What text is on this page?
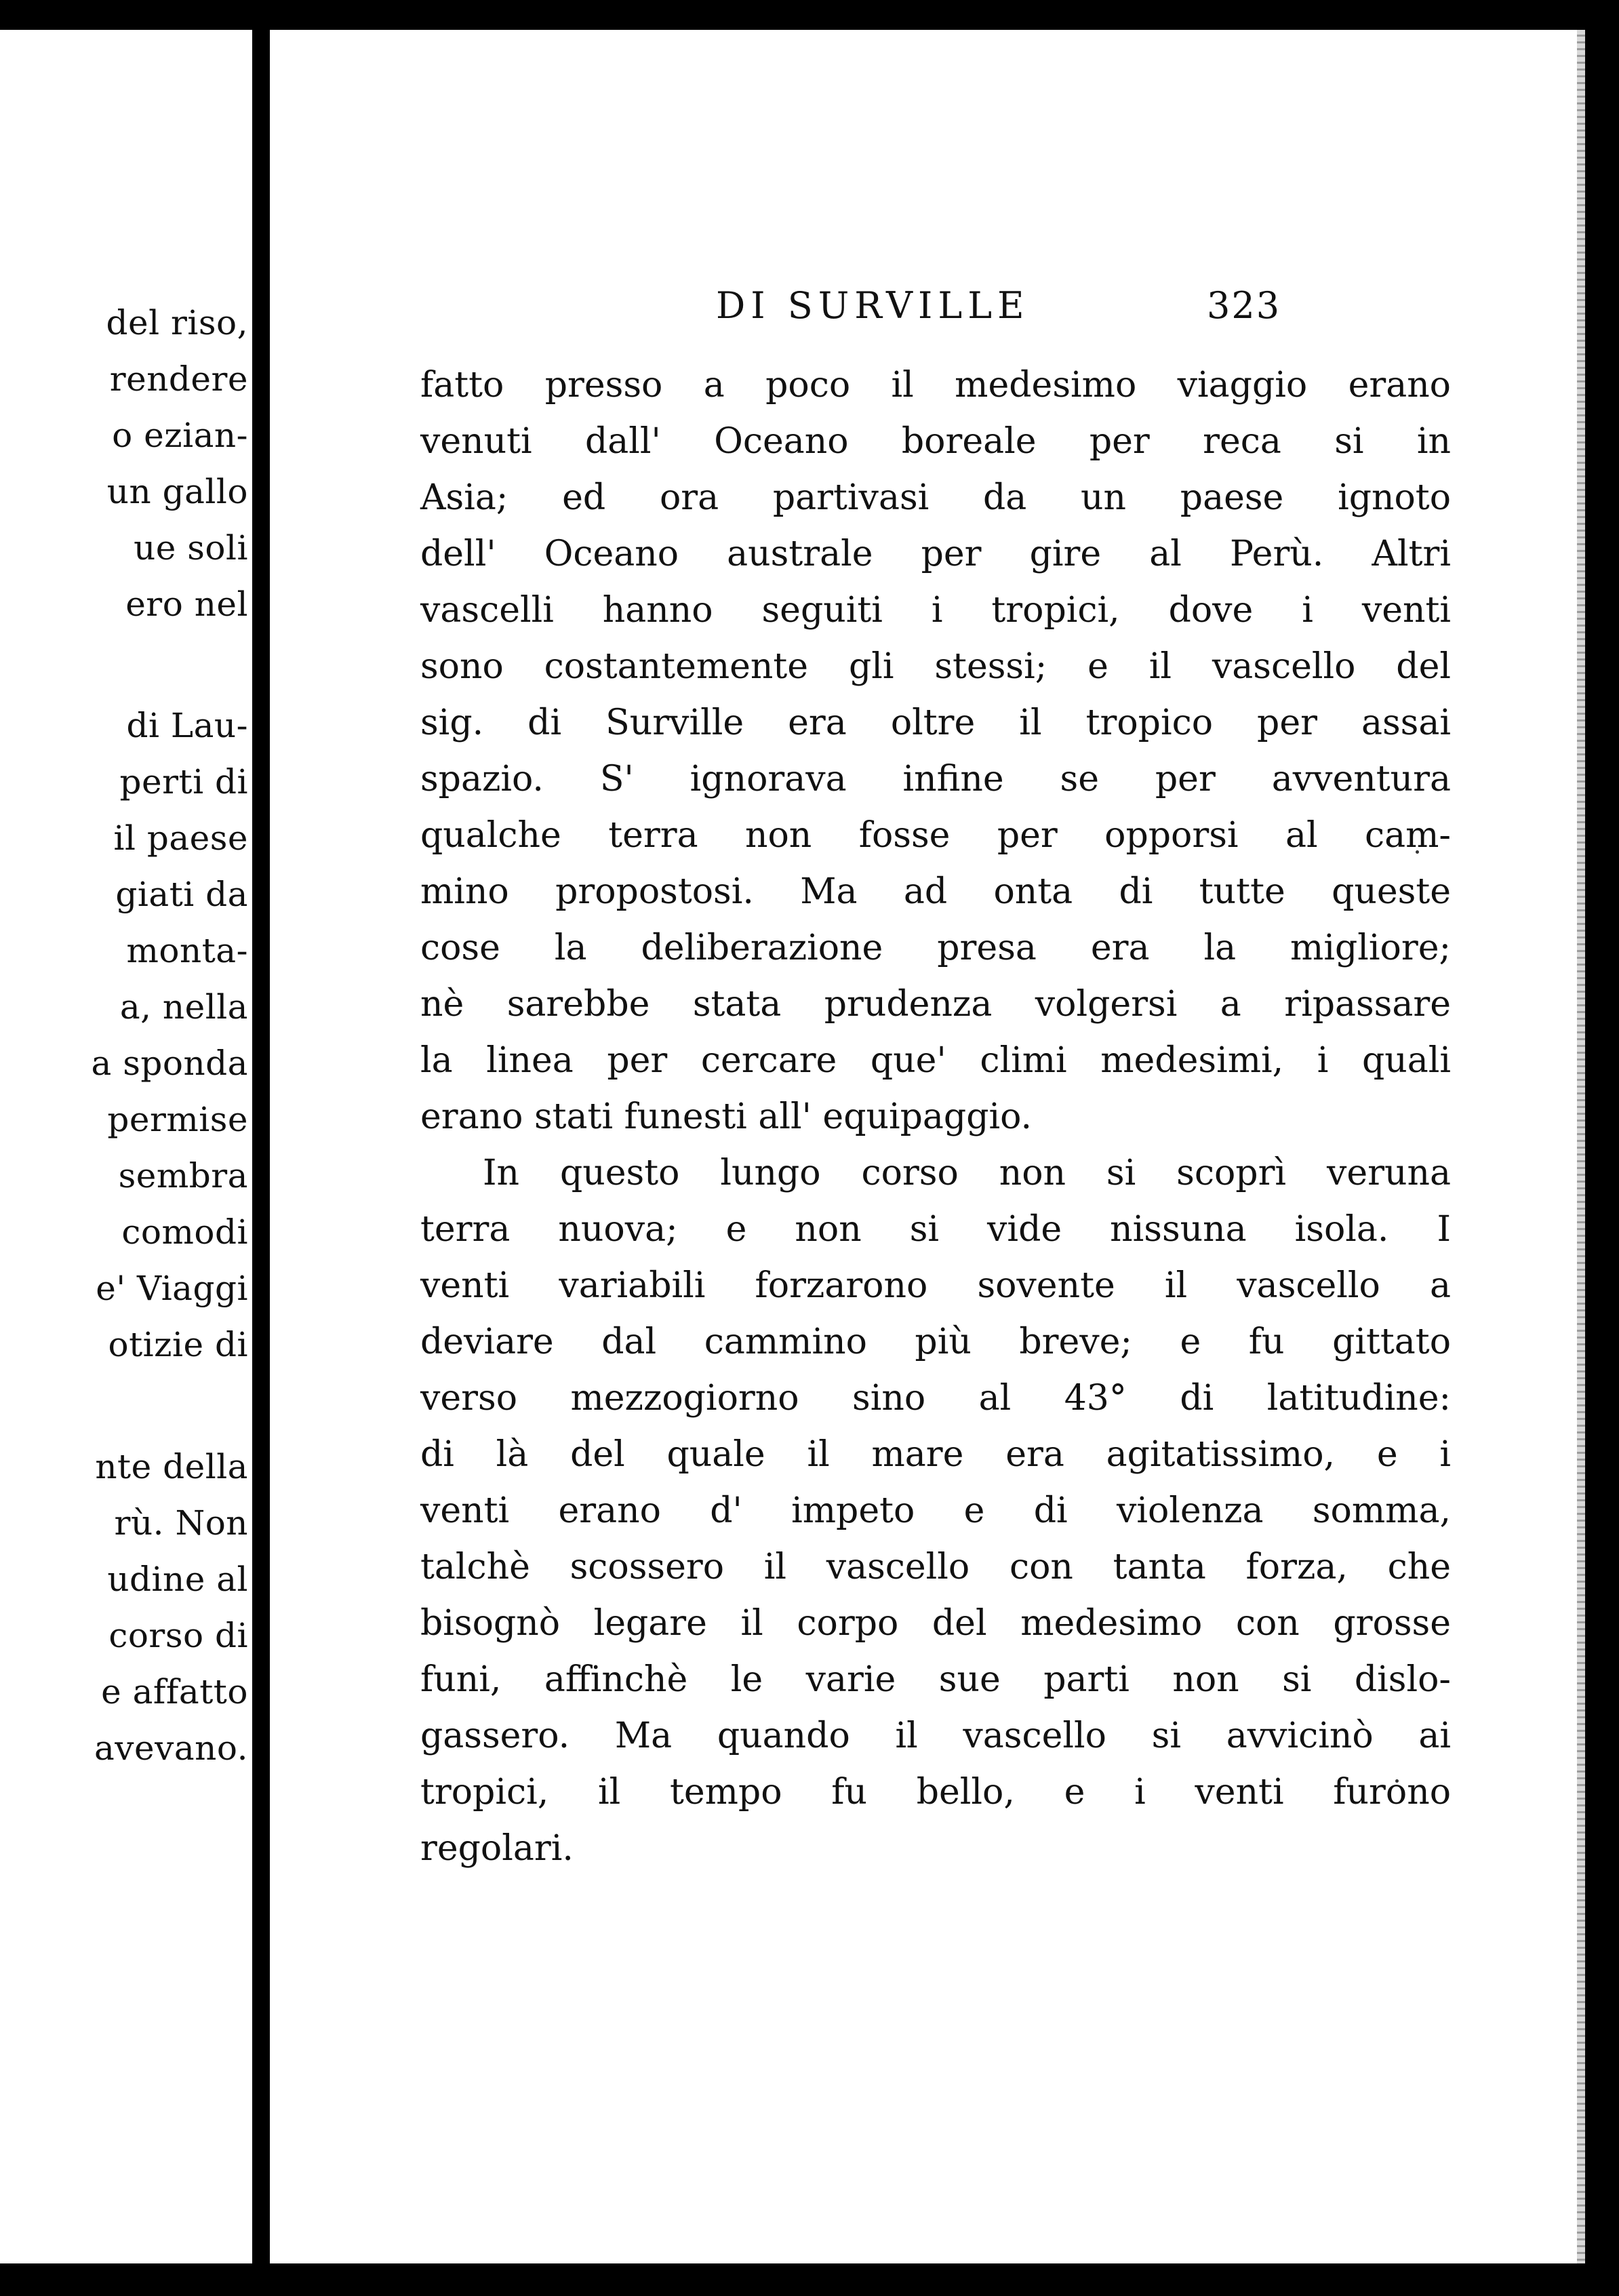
del riso,
rendere
o ezian-
un gallo
ue soli
ero nel
di Lau-
perti di
il paese
giati da
monta-
a, nella
a sponda
permise
sembra
comodi
e' Viaggi
otizie di
nte della
rù. Non
udine al
corso di
e affatto
avevano.
DI SURVILLE	323
fatto presso a poco il medesimo viaggio erano
venuti dall' Oceano boreale per reca si in
Asia; ed ora partivasi da un paese ignoto
dell' Oceano australe per gire al Perù. Altri
vascelli hanno seguiti i tropici, dove i venti
sono costantemente gli stessi; e il vascello del
sig. di Surville era oltre il tropico per assai
spazio. S' ignorava infine se per avventura
qualche terra non fosse per opporsi al cam-
mino propostosi. Ma ad onta di tutte queste
cose la deliberazione presa era la migliore;
nè sarebbe stata prudenza volgersi a ripassare
la linea per cercare que' climi medesimi, i quali
erano stati funesti all' equipaggio.
In questo lungo corso non si scoprì veruna
terra nuova; e non si vide nissuna isola. I
venti variabili forzarono sovente il vascello a
deviare dal cammino più breve; e fu gittato
verso mezzogiorno sino al 43° di latitudine:
di là del quale il mare era agitatissimo, e i
venti erano d' impeto e di violenza somma,
talchè scossero il vascello con tanta forza, che
bisognò legare il corpo del medesimo con grosse
funi, affinchè le varie sue parti non si dislo-
gassero. Ma quando il vascello si avvicinò ai
tropici, il tempo fu bello, e i venti furono
regolari.
